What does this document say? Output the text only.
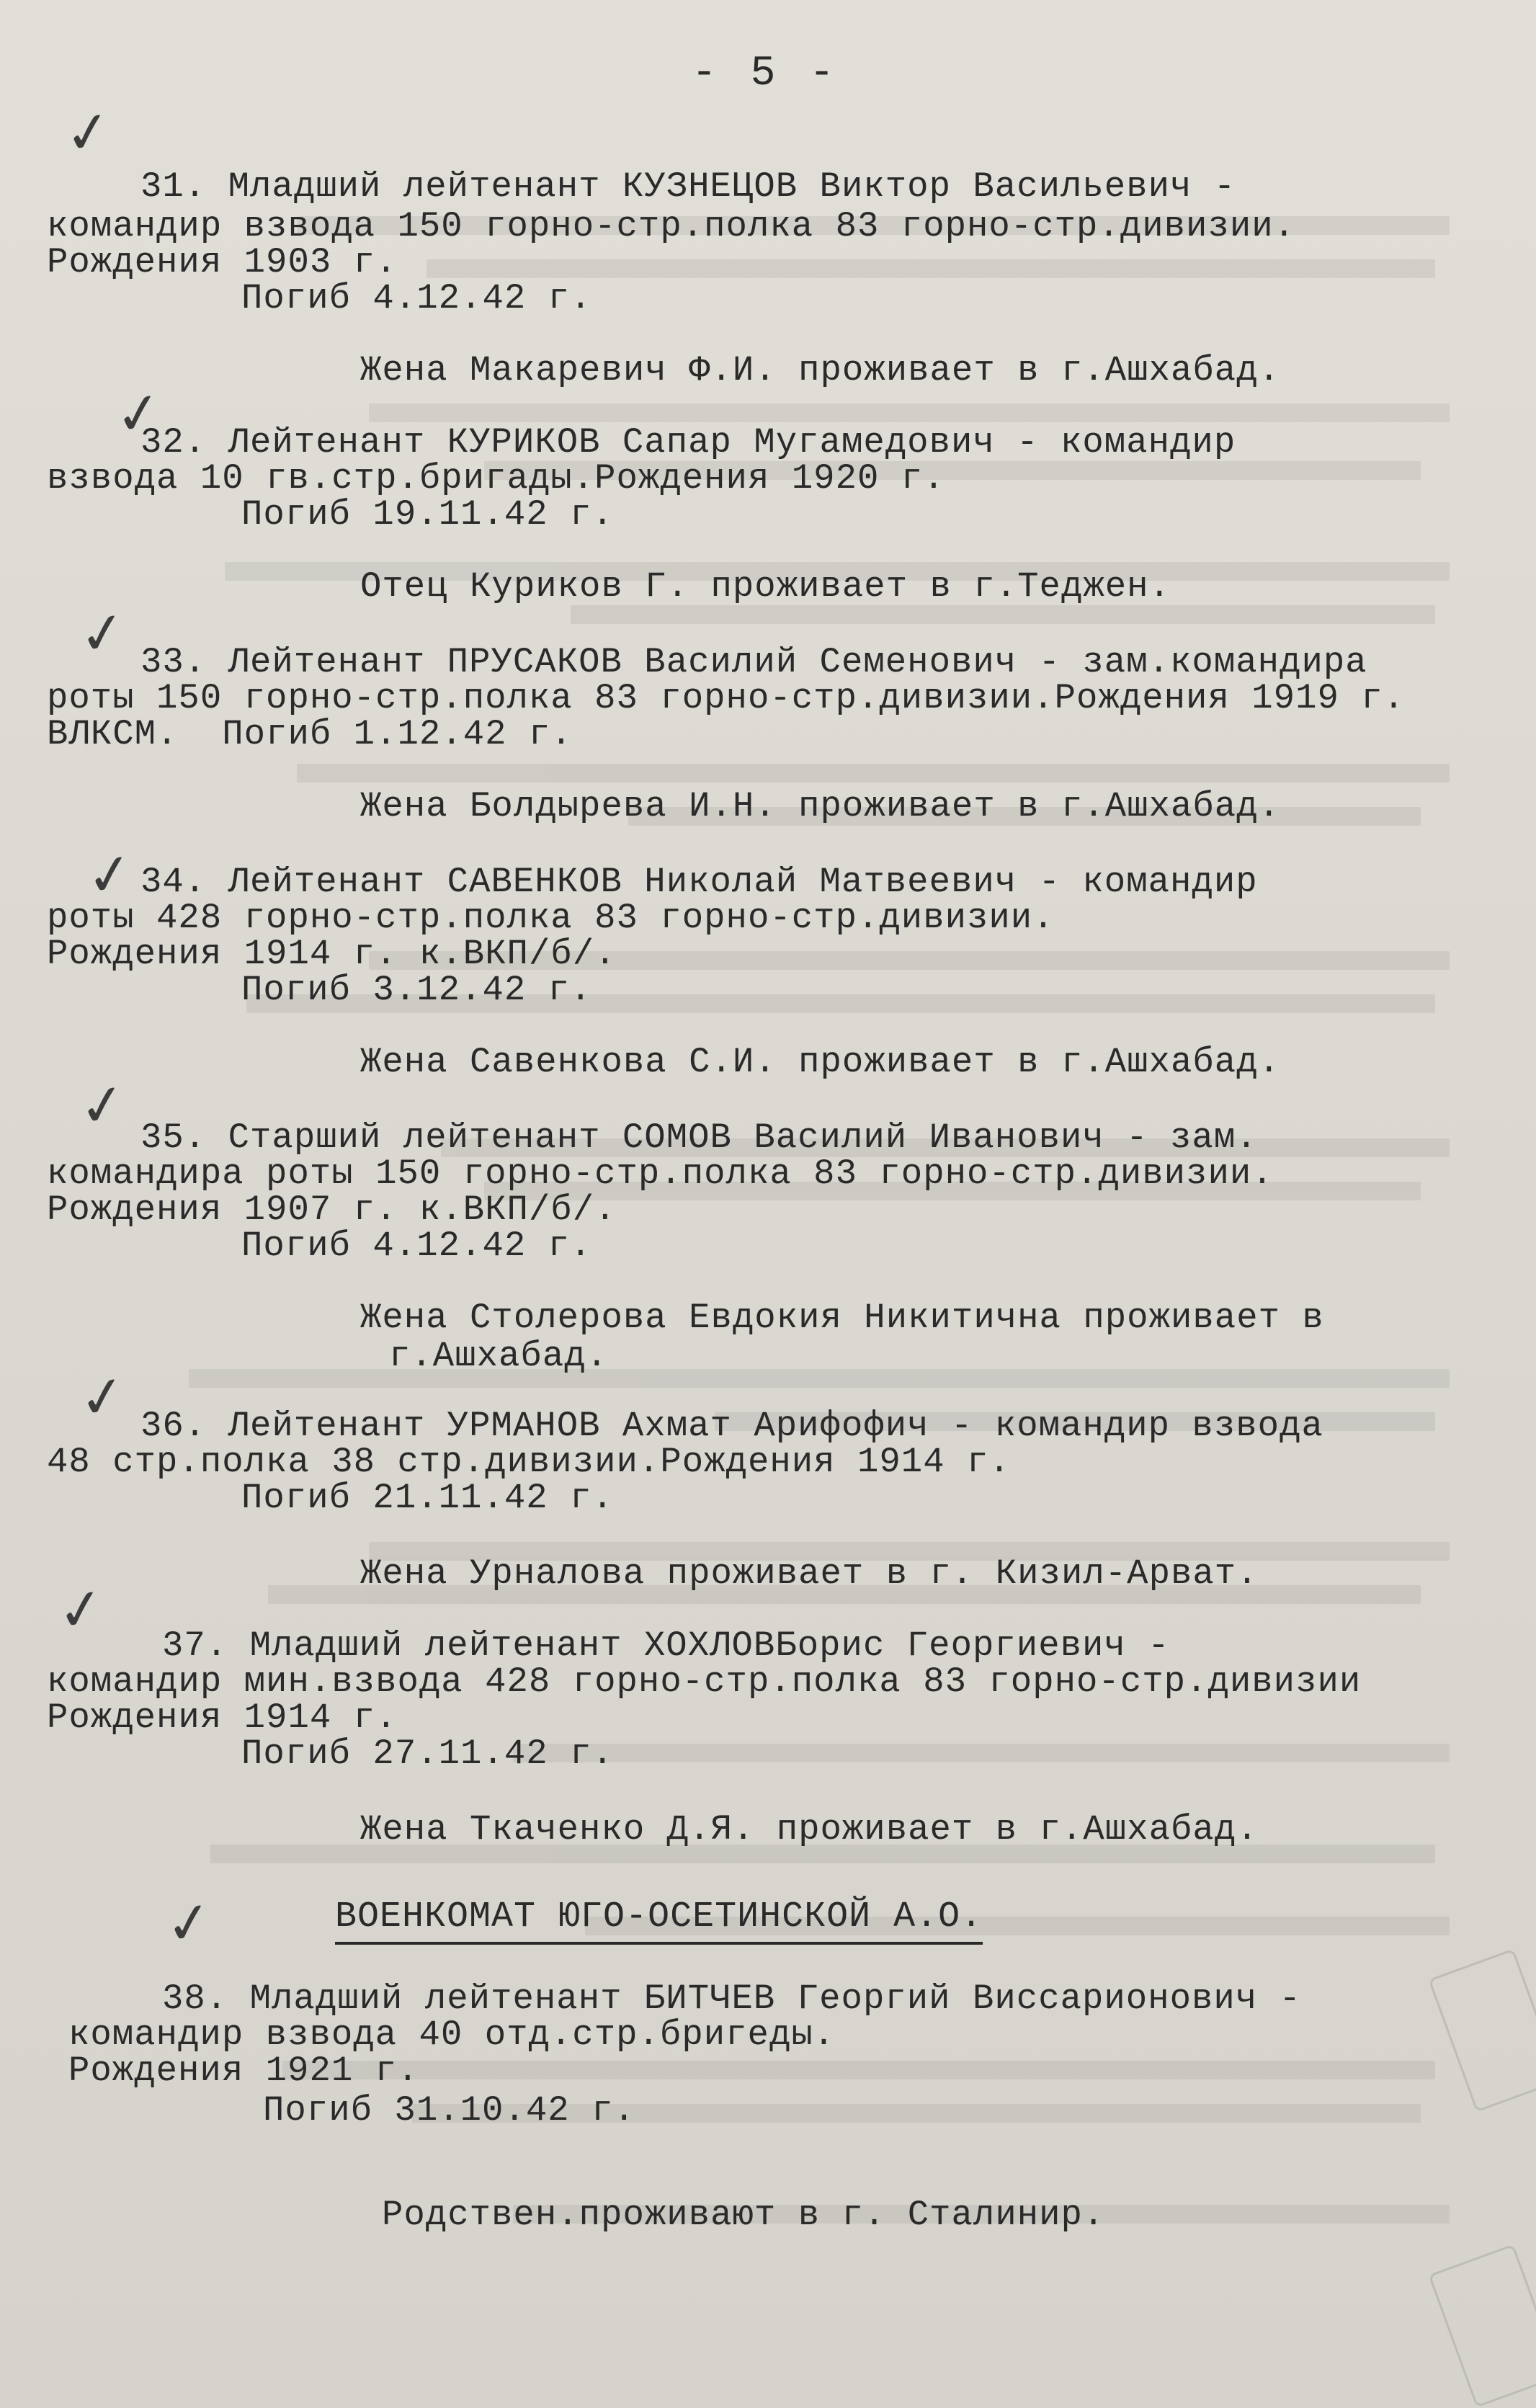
- 5 -
✓
✓
✓
✓
✓
✓
✓
✓
31. Младший лейтенант КУЗНЕЦОВ Виктор Васильевич -
командир взвода 150 горно-стр.полка 83 горно-стр.дивизии.
Рождения 1903 г.
Погиб 4.12.42 г.
Жена Макаревич Ф.И. проживает в г.Ашхабад.
32. Лейтенант КУРИКОВ Сапар Мугамедович - командир
взвода 10 гв.стр.бригады.Рождения 1920 г.
Погиб 19.11.42 г.
Отец Куриков Г. проживает в г.Теджен.
33. Лейтенант ПРУСАКОВ Василий Семенович - зам.командира
роты 150 горно-стр.полка 83 горно-стр.дивизии.Рождения 1919 г.
ВЛКСМ.  Погиб 1.12.42 г.
Жена Болдырева И.Н. проживает в г.Ашхабад.
34. Лейтенант САВЕНКОВ Николай Матвеевич - командир
роты 428 горно-стр.полка 83 горно-стр.дивизии.
Рождения 1914 г. к.ВКП/б/.
Погиб 3.12.42 г.
Жена Савенкова С.И. проживает в г.Ашхабад.
35. Старший лейтенант СОМОВ Василий Иванович - зам.
командира роты 150 горно-стр.полка 83 горно-стр.дивизии.
Рождения 1907 г. к.ВКП/б/.
Погиб 4.12.42 г.
Жена Столерова Евдокия Никитична проживает в
г.Ашхабад.
36. Лейтенант УРМАНОВ Ахмат Арифофич - командир взвода
48 стр.полка 38 стр.дивизии.Рождения 1914 г.
Погиб 21.11.42 г.
Жена Урналова проживает в г. Кизил-Арват.
37. Младший лейтенант ХОХЛОВБорис Георгиевич -
командир мин.взвода 428 горно-стр.полка 83 горно-стр.дивизии
Рождения 1914 г.
Погиб 27.11.42 г.
Жена Ткаченко Д.Я. проживает в г.Ашхабад.
ВОЕНКОМАТ ЮГО-ОСЕТИНСКОЙ А.О.
38. Младший лейтенант БИТЧЕВ Георгий Виссарионович -
командир взвода 40 отд.стр.бригеды.
Рождения 1921 г.
Погиб 31.10.42 г.
Родствен.проживают в г. Сталинир.
